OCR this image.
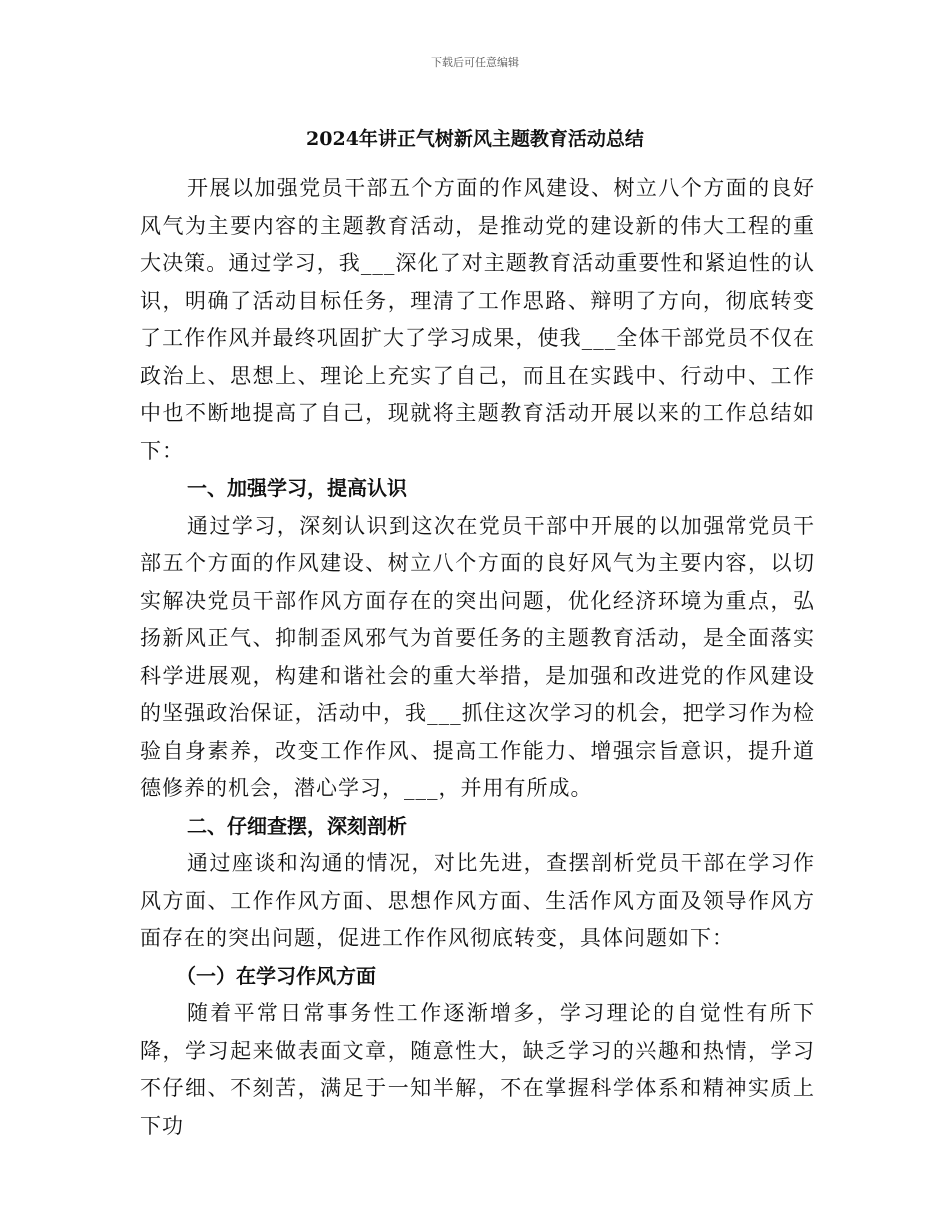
下载后可任意编辑
2024年讲正气树新风主题教育活动总结

开展以加强党员干部五个方面的作风建设、树立八个方面的良好风气为主要内容的主题教育活动，是推动党的建设新的伟大工程的重大决策。通过学习，我___深化了对主题教育活动重要性和紧迫性的认识，明确了活动目标任务，理清了工作思路、辩明了方向，彻底转变了工作作风并最终巩固扩大了学习成果，使我___全体干部党员不仅在政治上、思想上、理论上充实了自己，而且在实践中、行动中、工作中也不断地提高了自己，现就将主题教育活动开展以来的工作总结如下：

一、加强学习，提高认识

通过学习，深刻认识到这次在党员干部中开展的以加强常党员干部五个方面的作风建设、树立八个方面的良好风气为主要内容，以切实解决党员干部作风方面存在的突出问题，优化经济环境为重点，弘扬新风正气、抑制歪风邪气为首要任务的主题教育活动，是全面落实科学进展观，构建和谐社会的重大举措，是加强和改进党的作风建设的坚强政治保证，活动中，我___抓住这次学习的机会，把学习作为检验自身素养，改变工作作风、提高工作能力、增强宗旨意识，提升道德修养的机会，潜心学习，___，并用有所成。

二、仔细查摆，深刻剖析

通过座谈和沟通的情况，对比先进，查摆剖析党员干部在学习作风方面、工作作风方面、思想作风方面、生活作风方面及领导作风方面存在的突出问题，促进工作作风彻底转变，具体问题如下：

（一）在学习作风方面

随着平常日常事务性工作逐渐增多，学习理论的自觉性有所下降，学习起来做表面文章，随意性大，缺乏学习的兴趣和热情，学习不仔细、不刻苦，满足于一知半解，不在掌握科学体系和精神实质上下功
